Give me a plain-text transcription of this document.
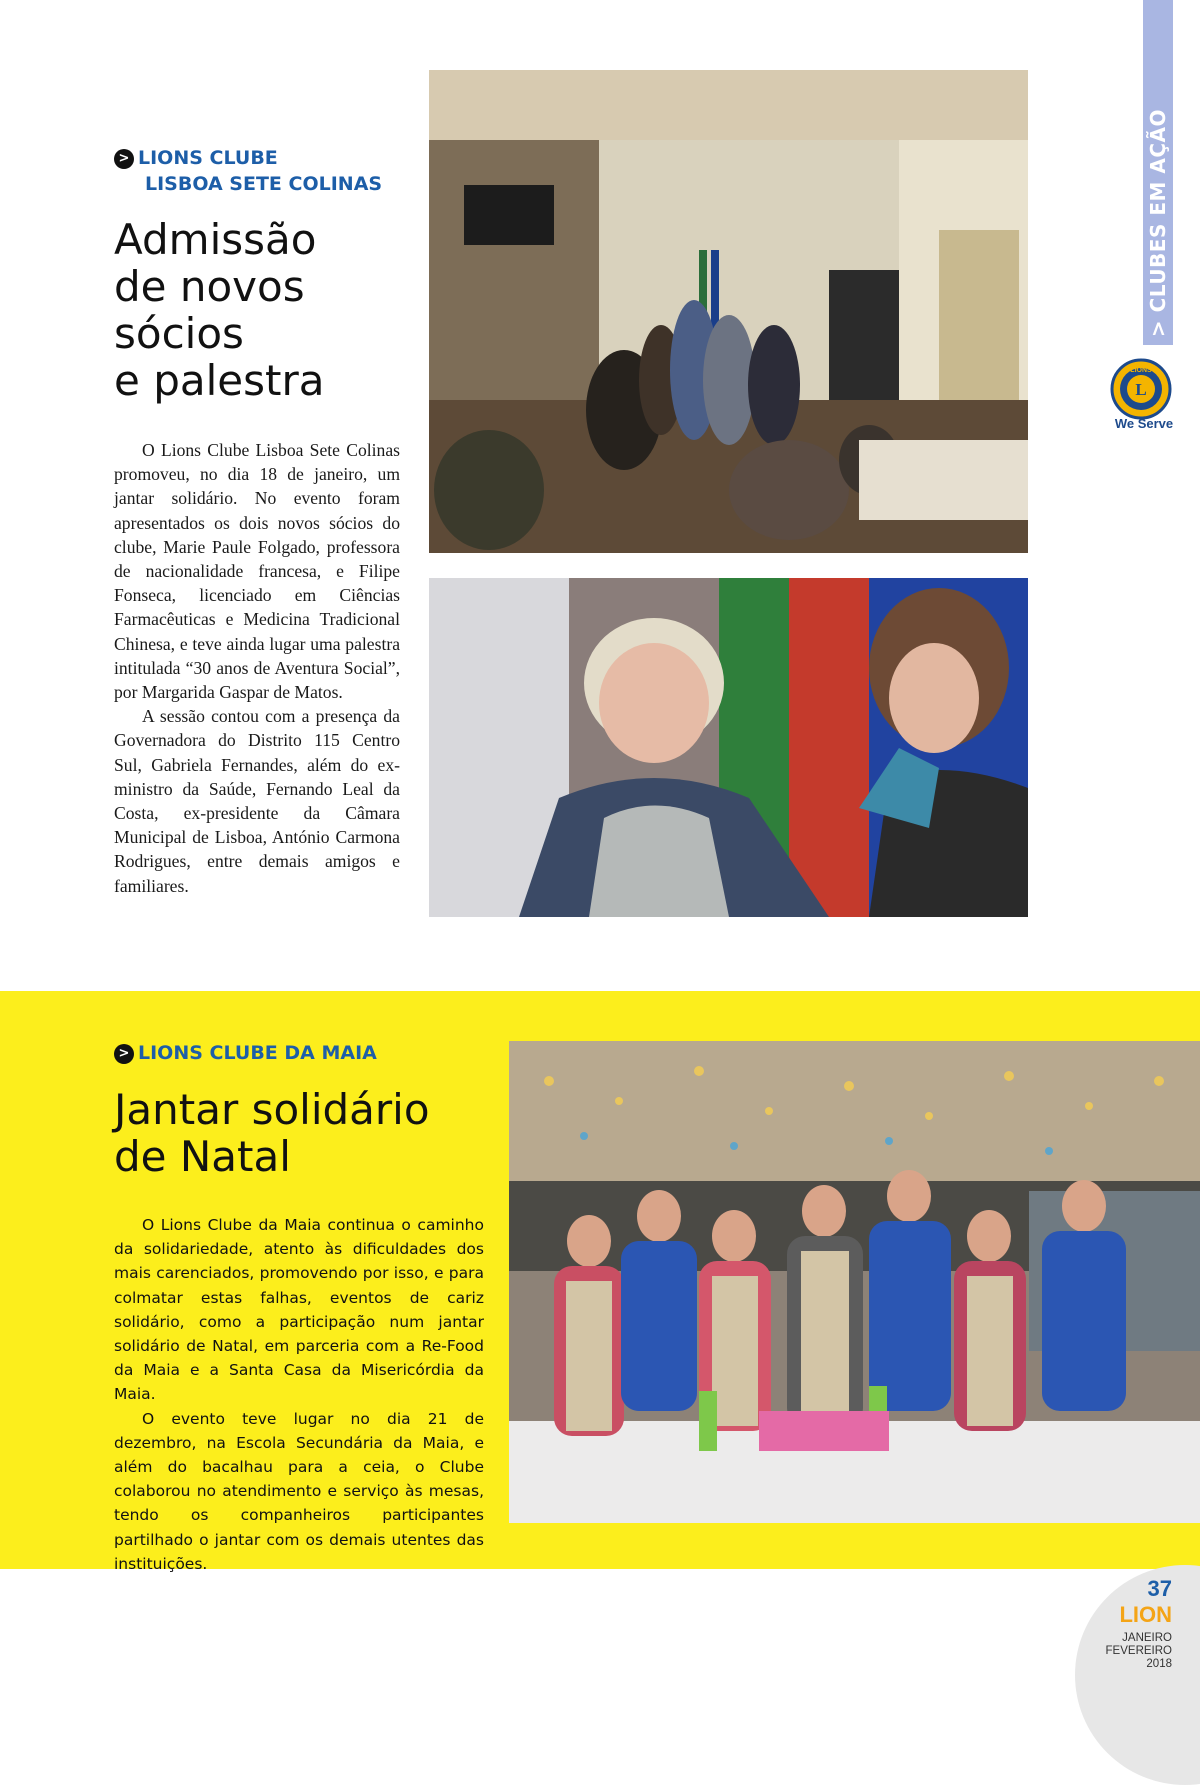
> CLUBES EM AÇÃO
L
LIONS
We Serve
> LIONS CLUBE
LISBOA SETE COLINAS
Admissão
de novos
sócios
e palestra

O Lions Clube Lisboa Sete Colinas promoveu, no dia 18 de janeiro, um jantar solidário. No evento foram apresentados os dois novos sócios do clube, Marie Paule Folgado, professora de nacionalidade francesa, e Filipe Fonseca, licenciado em Ciências Farmacêuticas e Medicina Tradicional Chinesa, e teve ainda lugar uma palestra intitulada “30 anos de Aventura Social”, por Margarida Gaspar de Matos.

A sessão contou com a presença da Governadora do Distrito 115 Centro Sul, Gabriela Fernandes, além do ex-ministro da Saúde, Fernando Leal da Costa, ex-presidente da Câmara Municipal de Lisboa, António Carmona Rodrigues, entre demais amigos e familiares.

> LIONS CLUBE DA MAIA
Jantar solidário
de Natal

O Lions Clube da Maia continua o caminho da solidariedade, atento às dificuldades dos mais carenciados, promovendo por isso, e para colmatar estas falhas, eventos de cariz solidário, como a participação num jantar solidário de Natal, em parceria com a Re-Food da Maia e a Santa Casa da Misericórdia da Maia.

O evento teve lugar no dia 21 de dezembro, na Escola Secundária da Maia, e além do bacalhau para a ceia, o Clube colaborou no atendimento e serviço às mesas, tendo os companheiros participantes partilhado o jantar com os demais utentes das instituições.

37
LION
JANEIRO
FEVEREIRO
2018
